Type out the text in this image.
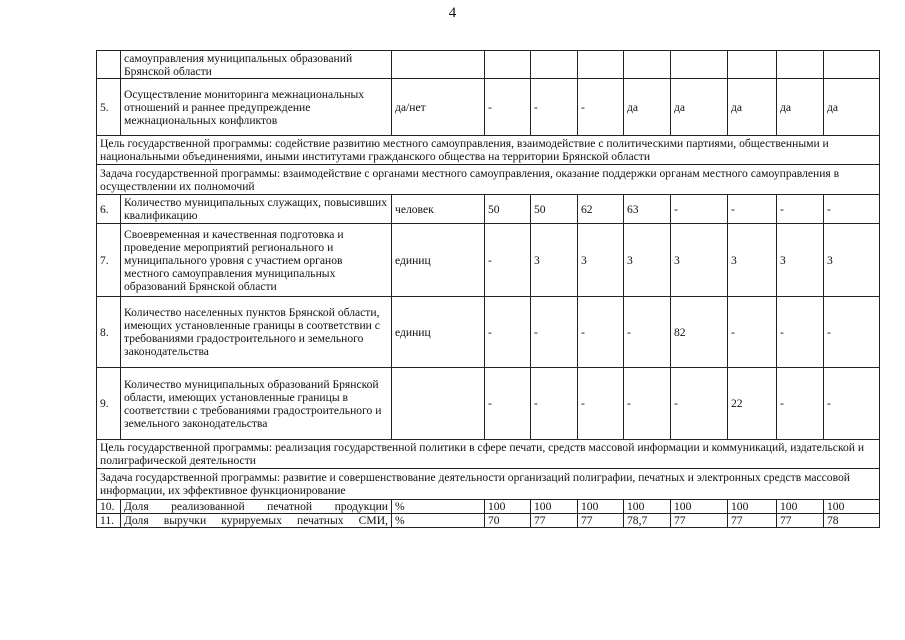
4
	самоуправления муниципальных образований Брянской области									
5.	Осуществление мониторинга межнациональных отношений и раннее предупреждение межнациональных конфликтов	да/нет	-	-	-	да	да	да	да	да
Цель государственной программы: содействие развитию местного самоуправления, взаимодействие с политическими партиями, общественными и национальными объединениями, иными институтами гражданского общества на территории Брянской области										
Задача государственной программы: взаимодействие с органами местного самоуправления, оказание поддержки органам местного самоуправления в осуществлении их полномочий										
6.	Количество муниципальных служащих, повысивших квалификацию	человек	50	50	62	63	-	-	-	-
7.	Своевременная и качественная подготовка и проведение мероприятий регионального и муниципального уровня с участием органов местного самоуправления муниципальных образований Брянской области	единиц	-	3	3	3	3	3	3	3
8.	Количество населенных пунктов Брянской области, имеющих установленные границы в соответствии с требованиями градостроительного и земельного законодательства	единиц	-	-	-	-	82	-	-	-
9.	Количество муниципальных образований Брянской области, имеющих установленные границы в соответствии с требованиями градостроительного и земельного законодательства		-	-	-	-	-	22	-	-
Цель государственной программы: реализация государственной политики в сфере печати, средств массовой информации и коммуникаций, издательской и полиграфической деятельности										
Задача государственной программы: развитие и совершенствование деятельности организаций полиграфии, печатных и электронных средств массовой информации, их эффективное функционирование										
10.	Доля реализованной печатной продукции	%	100	100	100	100	100	100	100	100
11.	Доля выручки курируемых печатных СМИ,	%	70	77	77	78,7	77	77	77	78
